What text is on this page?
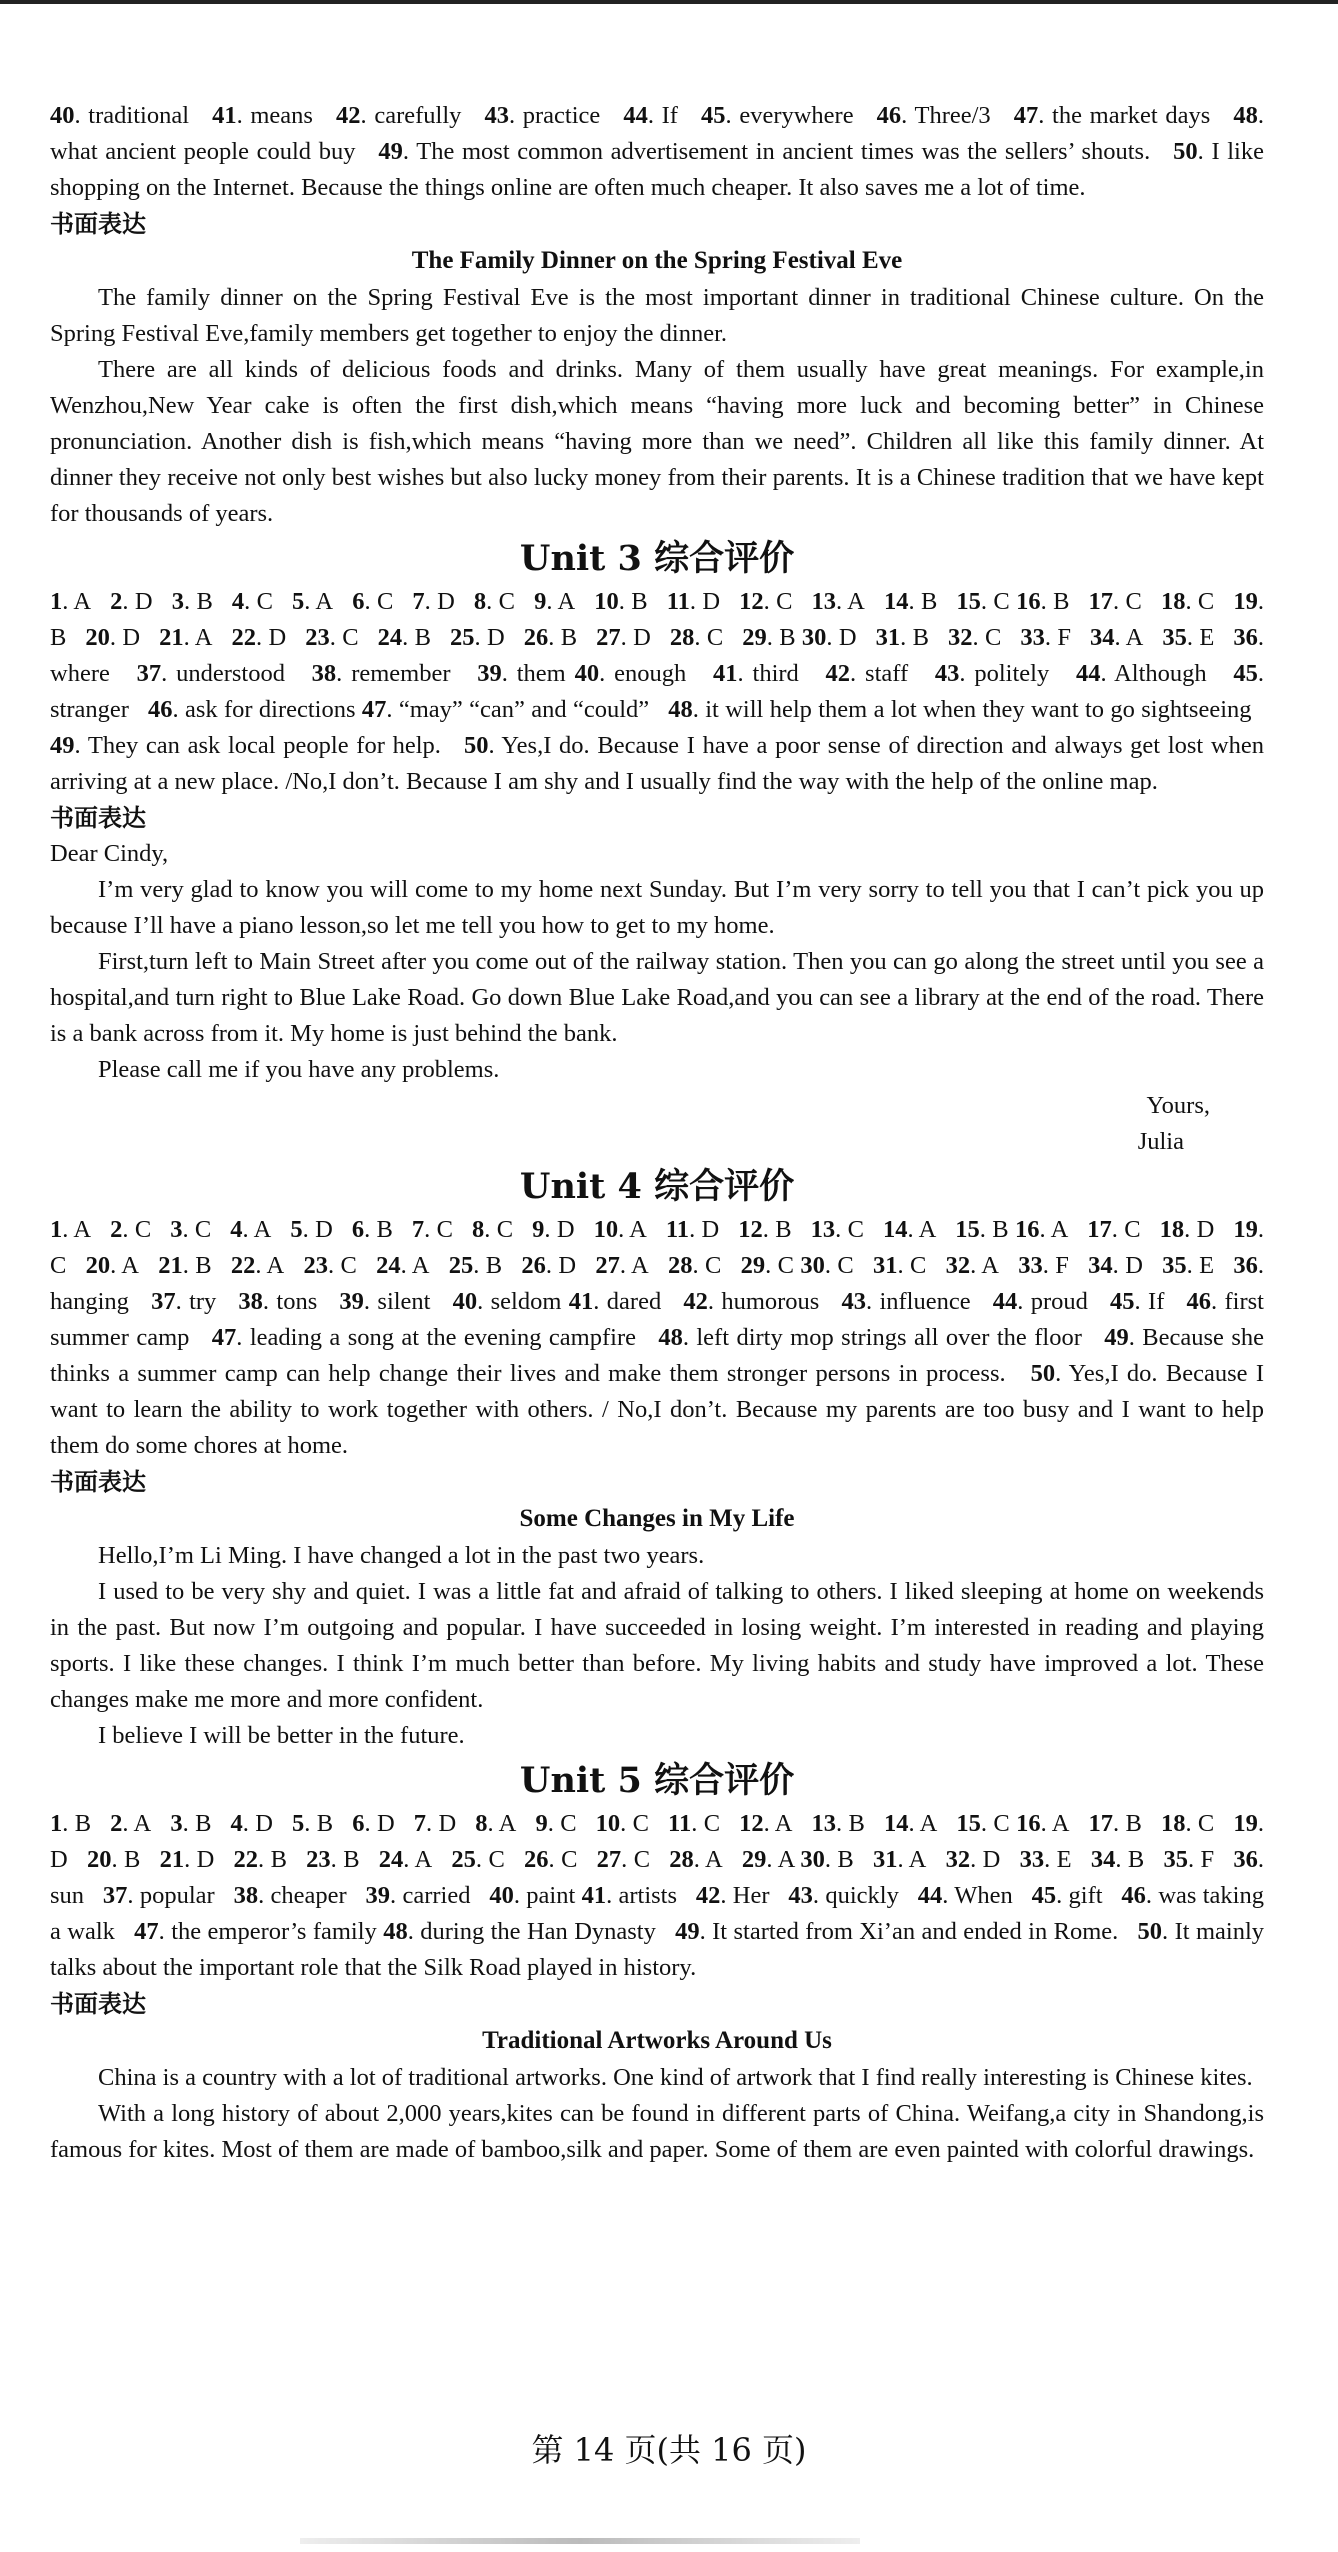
40. traditional   41. means   42. carefully   43. practice   44. If   45. everywhere   46. Three/3   47. the market days   48. what ancient people could buy   49. The most common advertisement in ancient times was the sellers’ shouts.   50. I like shopping on the Internet. Because the things online are often much cheaper. It also saves me a lot of time.

书面表达

The Family Dinner on the Spring Festival Eve

The family dinner on the Spring Festival Eve is the most important dinner in traditional Chinese culture. On the Spring Festival Eve,family members get together to enjoy the dinner.

There are all kinds of delicious foods and drinks. Many of them usually have great meanings. For example,in Wenzhou,New Year cake is often the first dish,which means “having more luck and becoming better” in Chinese pronunciation. Another dish is fish,which means “having more than we need”. Children all like this family dinner. At dinner they receive not only best wishes but also lucky money from their parents. It is a Chinese tradition that we have kept for thousands of years.

Unit 3 综合评价

1. A   2. D   3. B   4. C   5. A   6. C   7. D   8. C   9. A   10. B   11. D   12. C   13. A   14. B   15. C 16. B   17. C   18. C   19. B   20. D   21. A   22. D   23. C   24. B   25. D   26. B   27. D   28. C   29. B 30. D   31. B   32. C   33. F   34. A   35. E   36. where   37. understood   38. remember   39. them 40. enough   41. third   42. staff   43. politely   44. Although   45. stranger   46. ask for directions 47. “may” “can” and “could”   48. it will help them a lot when they want to go sightseeing   49. They can ask local people for help.   50. Yes,I do. Because I have a poor sense of direction and always get lost when arriving at a new place. /No,I don’t. Because I am shy and I usually find the way with the help of the online map.

书面表达

Dear Cindy,

I’m very glad to know you will come to my home next Sunday. But I’m very sorry to tell you that I can’t pick you up because I’ll have a piano lesson,so let me tell you how to get to my home.

First,turn left to Main Street after you come out of the railway station. Then you can go along the street until you see a hospital,and turn right to Blue Lake Road. Go down Blue Lake Road,and you can see a library at the end of the road. There is a bank across from it. My home is just behind the bank.

Please call me if you have any problems.

Yours,

Julia

Unit 4 综合评价

1. A   2. C   3. C   4. A   5. D   6. B   7. C   8. C   9. D   10. A   11. D   12. B   13. C   14. A   15. B 16. A   17. C   18. D   19. C   20. A   21. B   22. A   23. C   24. A   25. B   26. D   27. A   28. C   29. C 30. C   31. C   32. A   33. F   34. D   35. E   36. hanging   37. try   38. tons   39. silent   40. seldom 41. dared   42. humorous   43. influence   44. proud   45. If   46. first summer camp   47. leading a song at the evening campfire   48. left dirty mop strings all over the floor   49. Because she thinks a summer camp can help change their lives and make them stronger persons in process.   50. Yes,I do. Because I want to learn the ability to work together with others. / No,I don’t. Because my parents are too busy and I want to help them do some chores at home.

书面表达

Some Changes in My Life

Hello,I’m Li Ming. I have changed a lot in the past two years.

I used to be very shy and quiet. I was a little fat and afraid of talking to others. I liked sleeping at home on weekends in the past. But now I’m outgoing and popular. I have succeeded in losing weight. I’m interested in reading and playing sports. I like these changes. I think I’m much better than before. My living habits and study have improved a lot. These changes make me more and more confident.

I believe I will be better in the future.

Unit 5 综合评价

1. B   2. A   3. B   4. D   5. B   6. D   7. D   8. A   9. C   10. C   11. C   12. A   13. B   14. A   15. C 16. A   17. B   18. C   19. D   20. B   21. D   22. B   23. B   24. A   25. C   26. C   27. C   28. A   29. A 30. B   31. A   32. D   33. E   34. B   35. F   36. sun   37. popular   38. cheaper   39. carried   40. paint 41. artists   42. Her   43. quickly   44. When   45. gift   46. was taking a walk   47. the emperor’s family 48. during the Han Dynasty   49. It started from Xi’an and ended in Rome.   50. It mainly talks about the important role that the Silk Road played in history.

书面表达

Traditional Artworks Around Us

China is a country with a lot of traditional artworks. One kind of artwork that I find really interesting is Chinese kites.

With a long history of about 2,000 years,kites can be found in different parts of China. Weifang,a city in Shandong,is famous for kites. Most of them are made of bamboo,silk and paper. Some of them are even painted with colorful drawings.

第 14 页(共 16 页)
